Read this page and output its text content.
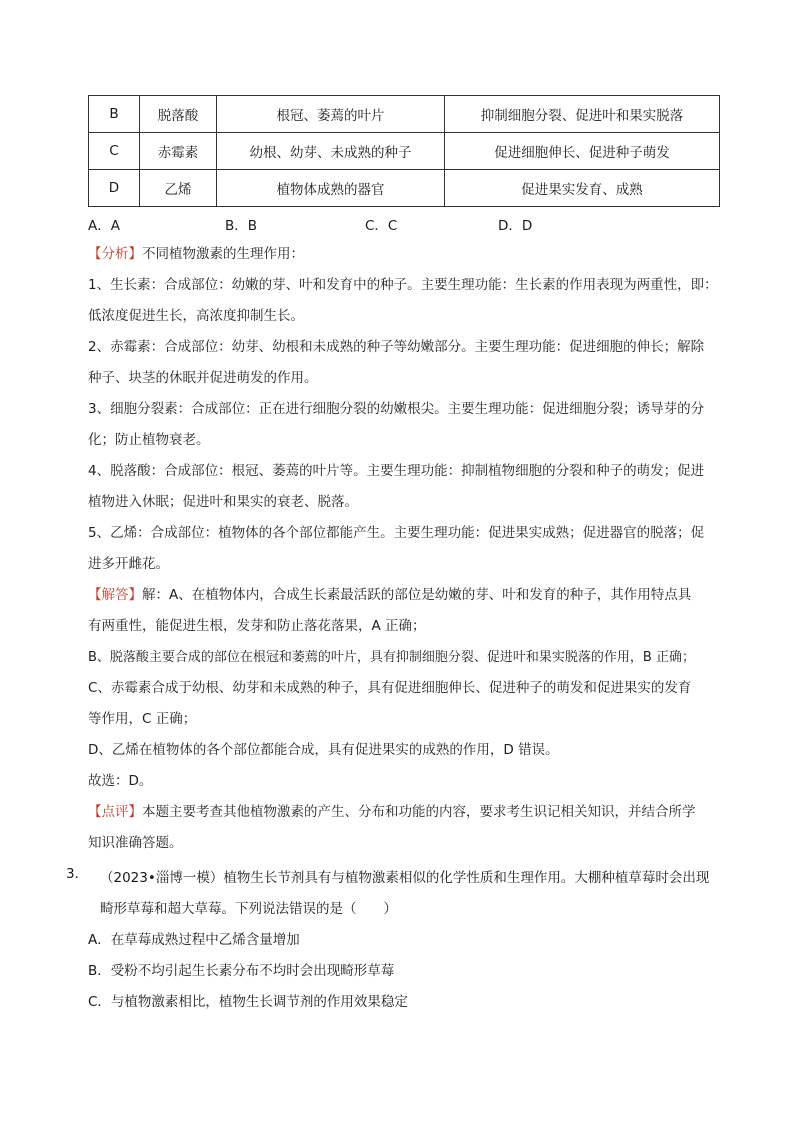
B	脱落酸	根冠、萎蔫的叶片	抑制细胞分裂、促进叶和果实脱落
C	赤霉素	幼根、幼芽、未成熟的种子	促进细胞伸长、促进种子萌发
D	乙烯	植物体成熟的器官	促进果实发育、成熟
A．A	B．B	C．C	D．D

【分析】不同植物激素的生理作用：

1、生长素：合成部位：幼嫩的芽、叶和发育中的种子。主要生理功能：生长素的作用表现为两重性，即：

低浓度促进生长，高浓度抑制生长。

2、赤霉素：合成部位：幼芽、幼根和未成熟的种子等幼嫩部分。主要生理功能：促进细胞的伸长；解除

种子、块茎的休眠并促进萌发的作用。

3、细胞分裂素：合成部位：正在进行细胞分裂的幼嫩根尖。主要生理功能：促进细胞分裂；诱导芽的分

化；防止植物衰老。

4、脱落酸：合成部位：根冠、萎蔫的叶片等。主要生理功能：抑制植物细胞的分裂和种子的萌发；促进

植物进入休眠；促进叶和果实的衰老、脱落。

5、乙烯：合成部位：植物体的各个部位都能产生。主要生理功能：促进果实成熟；促进器官的脱落；促

进多开雌花。

【解答】解：A、在植物体内，合成生长素最活跃的部位是幼嫩的芽、叶和发育的种子，其作用特点具

有两重性，能促进生根，发芽和防止落花落果，A 正确；

B、脱落酸主要合成的部位在根冠和萎蔫的叶片，具有抑制细胞分裂、促进叶和果实脱落的作用，B 正确；

C、赤霉素合成于幼根、幼芽和未成熟的种子，具有促进细胞伸长、促进种子的萌发和促进果实的发育

等作用，C 正确；

D、乙烯在植物体的各个部位都能合成，具有促进果实的成熟的作用，D 错误。

故选：D。

【点评】本题主要考查其他植物激素的产生、分布和功能的内容，要求考生识记相关知识，并结合所学

知识准确答题。

3. （2023•淄博一模）植物生长节剂具有与植物激素相似的化学性质和生理作用。大棚种植草莓时会出现

畸形草莓和超大草莓。下列说法错误的是（　　）

A．在草莓成熟过程中乙烯含量增加

B．受粉不均引起生长素分布不均时会出现畸形草莓

C．与植物激素相比，植物生长调节剂的作用效果稳定
